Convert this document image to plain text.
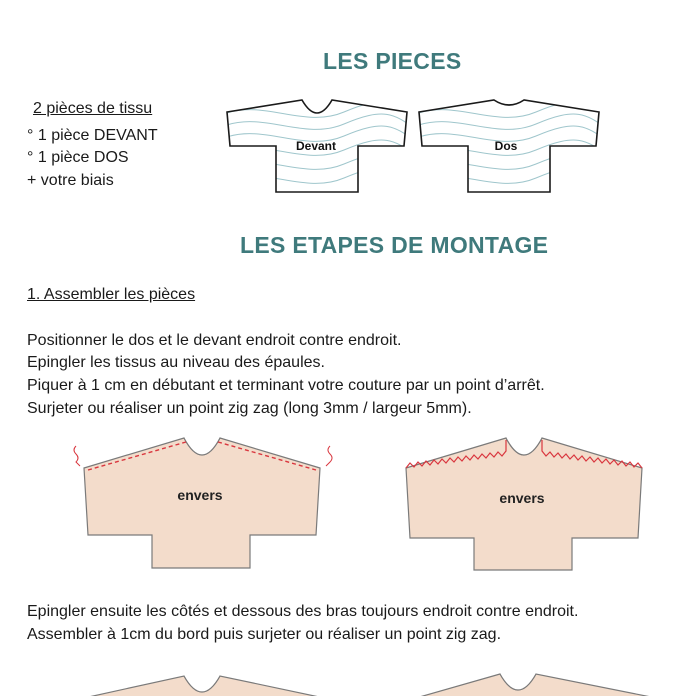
LES PIECES
2 pièces de tissu
° 1 pièce DEVANT
° 1 pièce DOS
+ votre biais
Devant	Dos
LES ETAPES DE MONTAGE
1. Assembler les pièces
Positionner le dos et le devant endroit contre endroit.
Epingler les tissus au niveau des épaules.
Piquer à 1 cm en débutant et terminant votre couture par un point d’arrêt.
Surjeter ou réaliser un point zig zag (long 3mm / largeur 5mm).
envers	envers
Epingler ensuite les côtés et dessous des bras toujours endroit contre endroit.
Assembler à 1cm du bord puis surjeter ou réaliser un point zig zag.
